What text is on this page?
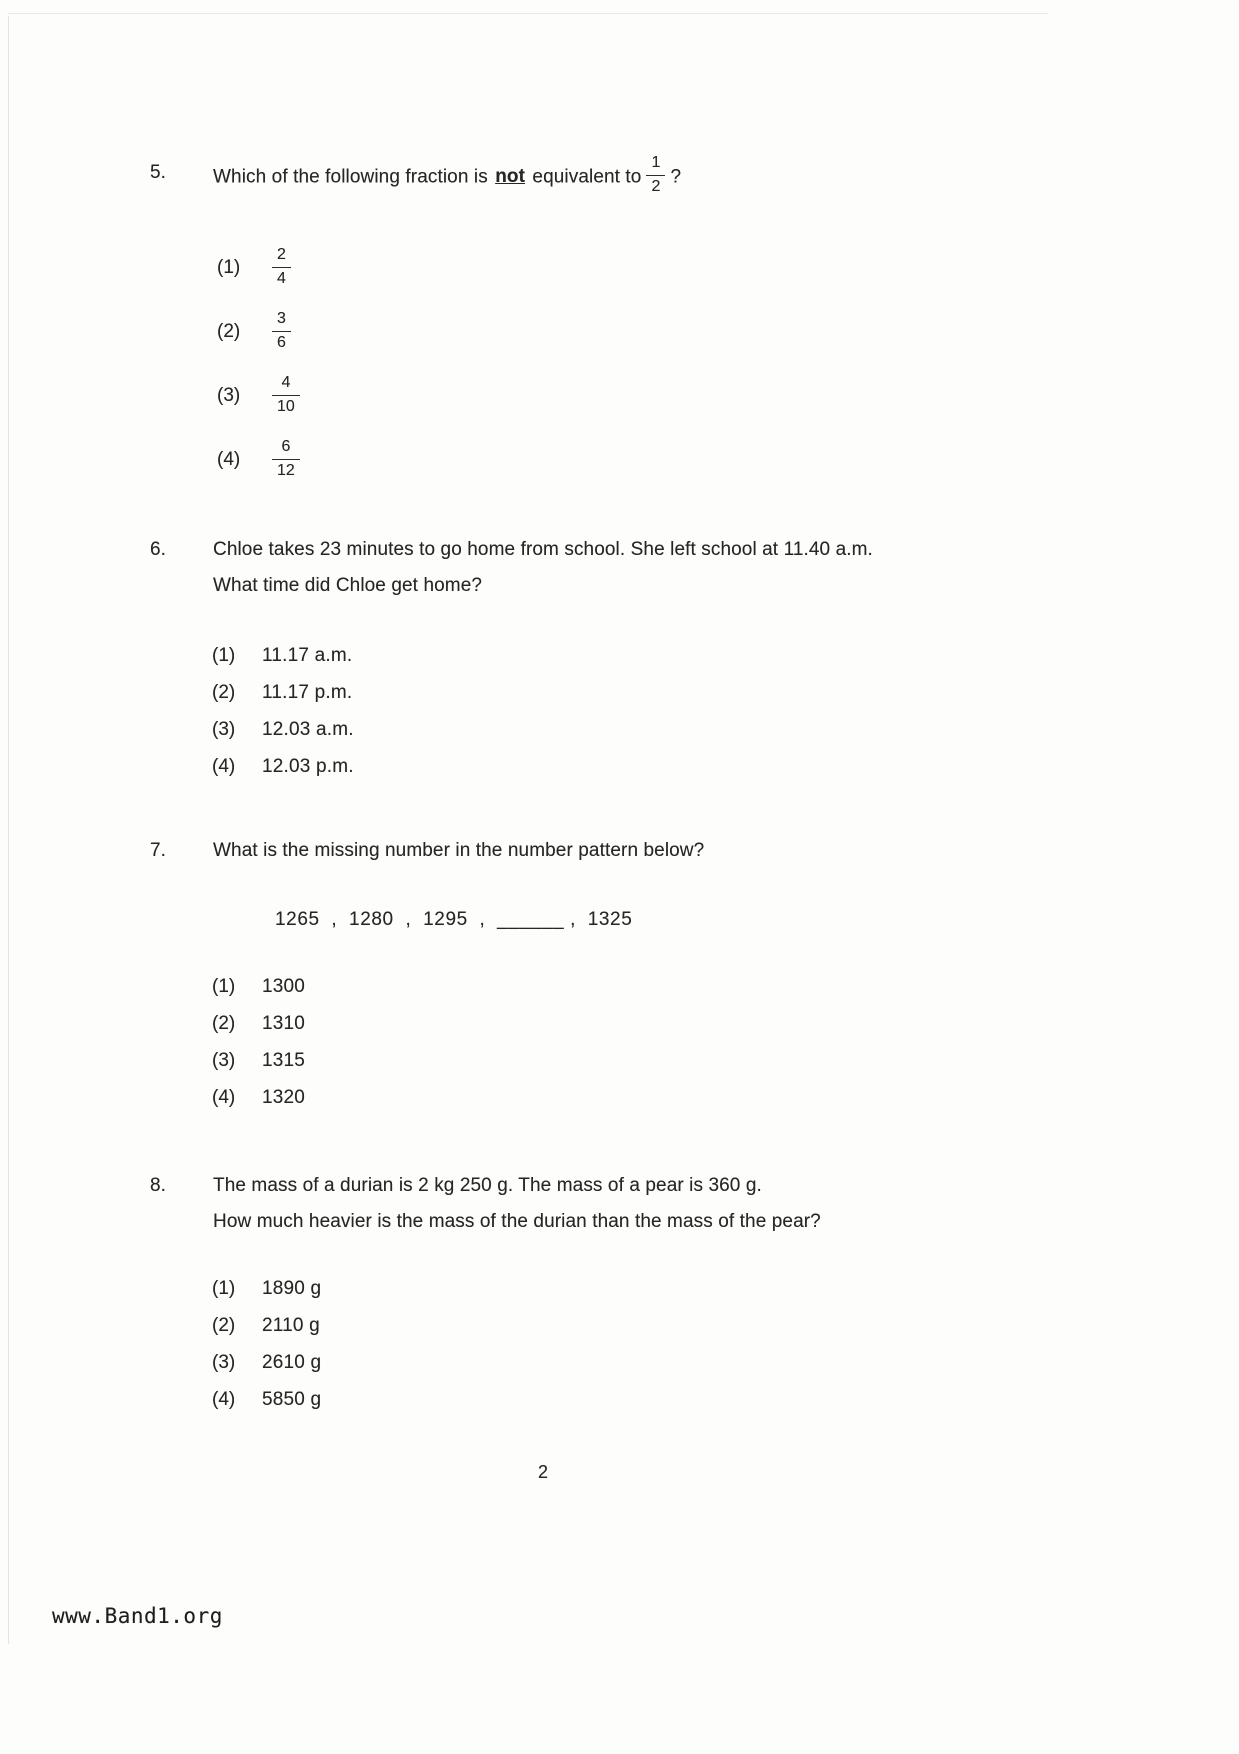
5.	Which of the following fraction is not equivalent to $\frac{1}{2}$ ?
(1)	$\frac{2}{4}$
(2)	$\frac{3}{6}$
(3)	$\frac{4}{10}$
(4)	$\frac{6}{12}$
6.	Chloe takes 23 minutes to go home from school. She left school at 11.40 a.m.
What time did Chloe get home?
(1)	11.17 a.m.
(2)	11.17 p.m.
(3)	12.03 a.m.
(4)	12.03 p.m.
7.	What is the missing number in the number pattern below?
1265  ,  1280  ,  1295  ,  ______ ,  1325
(1)	1300
(2)	1310
(3)	1315
(4)	1320
8.	The mass of a durian is 2 kg 250 g. The mass of a pear is 360 g.
How much heavier is the mass of the durian than the mass of the pear?
(1)	1890 g
(2)	2110 g
(3)	2610 g
(4)	5850 g
2
www.Band1.org
